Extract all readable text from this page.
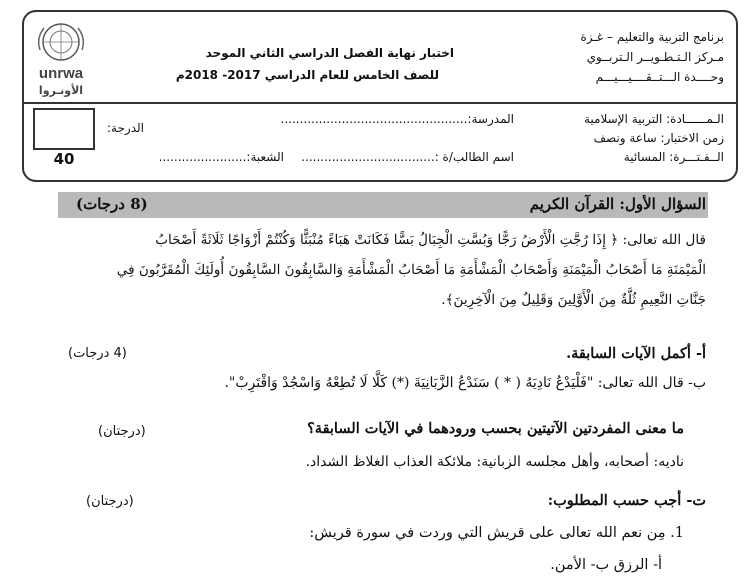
unrwa
الأونـروا
برنامج التربية والتعليم – غـزة
مـركز الـتـطـويــر الـتربــوي
وحــــدة الـــتــقــــيـــيـــم
اختبار نهاية الفصل الدراسي الثاني الموحد
للصف الخامس للعام الدراسي 2017- 2018م
الـمــــــادة: التربية الإسلامية
زمن الاختبار: ساعة ونصف
الــفـتـــرة: المسائية
المدرسة:.................................................
اسم الطالب/ة :...................................
الشعبة:.......................
الدرجة:
40
السؤال الأول: القرآن الكريم
(8 درجات)
قال الله تعالى: ﴿ إِذَا رُجَّتِ الْأَرْضُ رَجًّا وَبُسَّتِ الْجِبَالُ بَسًّا فَكَانَتْ هَبَاءً مُنْبَثًّا وَكُنْتُمْ أَزْوَاجًا ثَلَاثَةً أَصْحَابُ
الْمَيْمَنَةِ مَا أَصْحَابُ الْمَيْمَنَةِ وَأَصْحَابُ الْمَشْأَمَةِ مَا أَصْحَابُ الْمَشْأَمَةِ وَالسَّابِقُونَ السَّابِقُونَ أُولَئِكَ الْمُقَرَّبُونَ فِي
جَنَّاتِ النَّعِيمِ ثُلَّةٌ مِنَ الْأَوَّلِينَ وَقَلِيلٌ مِنَ الْآخِرِينَ﴾.
أ- أكمل الآيات السابقة.
(4 درجات)
ب- قال الله تعالى: "فَلْيَدْعُ نَادِيَهُ ( * ) سَنَدْعُ الزَّبَانِيَةَ (*) كَلَّا لَا تُطِعْهُ وَاسْجُدْ وَاقْتَرِبْ".
ما معنى المفردتين الآتيتين بحسب ورودهما في الآيات السابقة؟
(درجتان)
ناديه: أصحابه، وأهل مجلسه الزبانية: ملائكة العذاب الغلاظ الشداد.
ت- أجب حسب المطلوب:
(درجتان)
1. مِن نعم الله تعالى على قريش التي وردت في سورة قريش:
أ- الرزق ب- الأمن.
